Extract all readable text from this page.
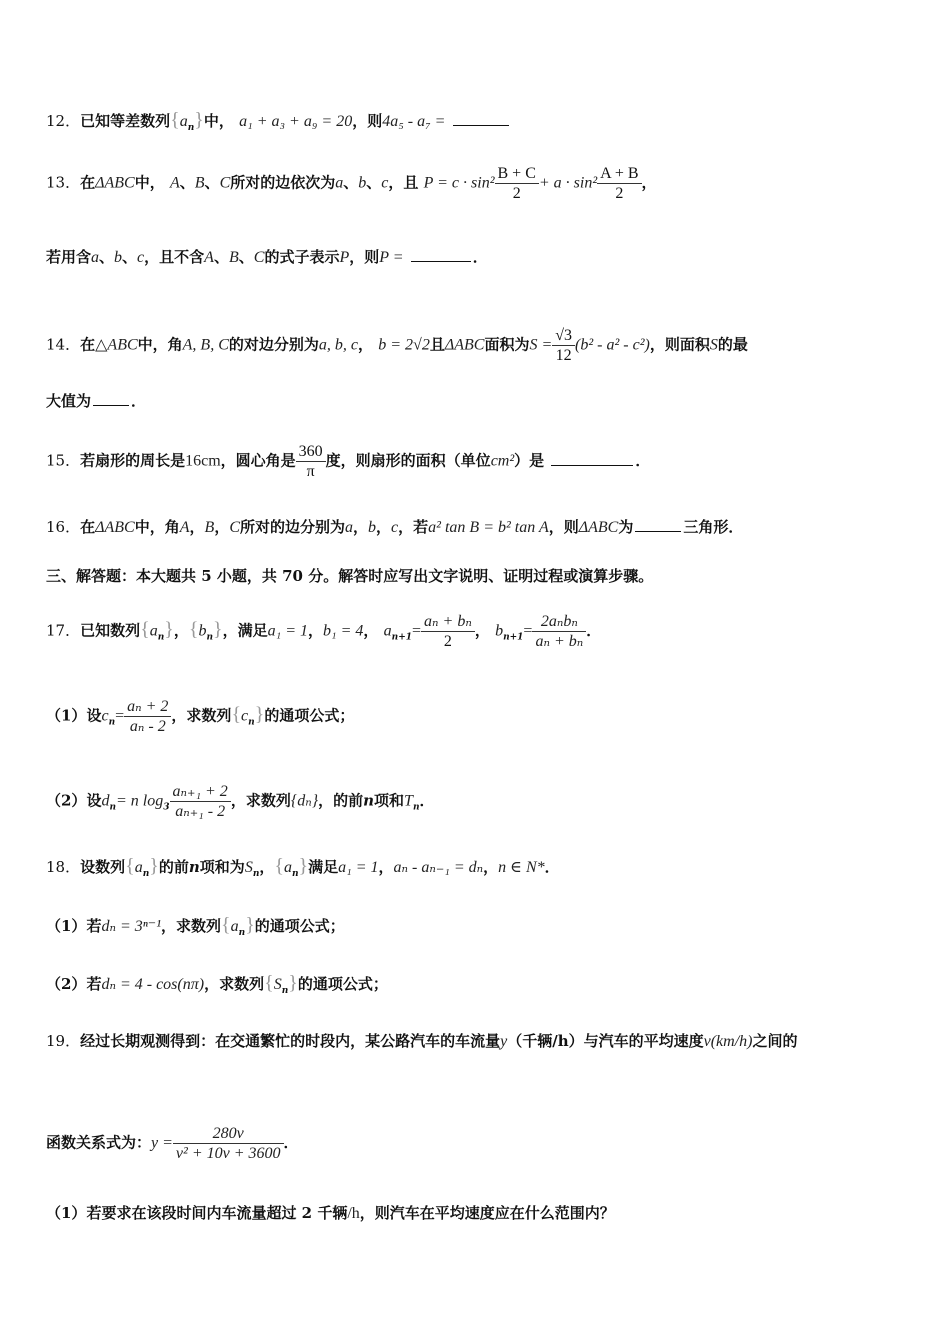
12．已知等差数列$\{a_n\}$中， a₁ + a₃ + a₉ = 20，则4a₅ - a₇ =
13．在ΔABC中， A、B、C所对的边依次为a、b、c，且 $P = c \cdot \sin^2 \frac{B + C}{2} + a \cdot \sin^2 \frac{A + B}{2}$ ，
若用含a、b、c，且不含A、B、C的式子表示P，则P =	．
14．在△ABC中，角A, B, C的对边分别为a, b, c， b = 2√2且ΔABC面积为$S = \frac{√3}{12} (b^2 - a^2 - c^2)$，则面积S的最
大值为	．
15．若扇形的周长是16cm，圆心角是 $\frac{360}{\pi}$ 度，则扇形的面积（单位cm²）是	．
16．在ΔABC中，角A，B，C所对的边分别为a，b，c，若a² tan B = b² tan A，则ΔABC为	三角形．
三、解答题：本大题共 5 小题，共 70 分。解答时应写出文字说明、证明过程或演算步骤。
17．已知数列$\{a_n\}$，$\{b_n\}$，满足a₁ = 1，b₁ = 4， $a_{n+1}= \frac{\text{aₙ + bₙ}}{2}$ ， $b_{n+1}= \frac{\text{2aₙbₙ}}{\text{aₙ + bₙ}}$ ．
（1）设$c_n= \frac{\text{aₙ + 2}}{\text{aₙ - 2}}$ ，求数列$\{c_n\}$的通项公式；
（2）设$d_n= n$ $\log_3 \frac{\text{aₙ₊₁ + 2}}{\text{aₙ₊₁ - 2}}$ ，求数列{dₙ}，的前n项和$T_n$．
18．设数列$\{a_n\}$的前n项和为$S_n$，$\{a_n\}$满足a₁ = 1，aₙ - aₙ₋₁ = dₙ，n ∈ N*．
（1）若dₙ = 3ⁿ⁻¹，求数列$\{a_n\}$的通项公式；
（2）若dₙ = 4 - cos(nπ)，求数列$\{S_n\}$的通项公式；
19．经过长期观测得到：在交通繁忙的时段内，某公路汽车的车流量y（千辆/h）与汽车的平均速度v(km/h)之间的
函数关系式为：$y = \frac{280v}{\text{v² + 10v + 3600}}$ ．
（1）若要求在该段时间内车流量超过 2 千辆/h，则汽车在平均速度应在什么范围内？
